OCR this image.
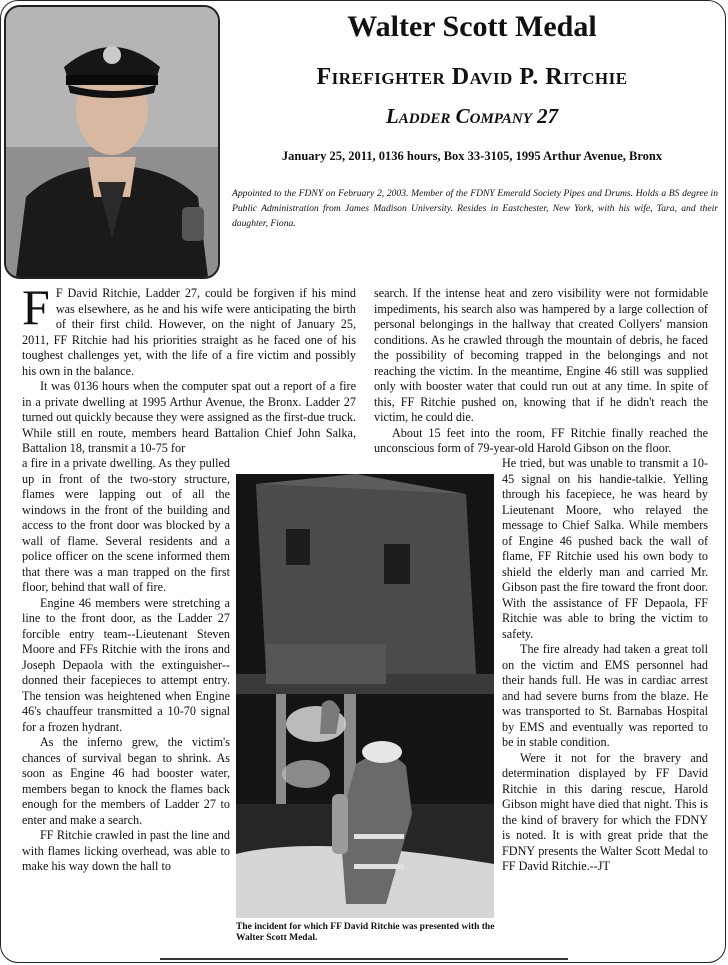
Walter Scott Medal
Firefighter David P. Ritchie
Ladder Company 27
January 25, 2011, 0136 hours, Box 33-3105, 1995 Arthur Avenue, Bronx

Appointed to the FDNY on February 2, 2003. Member of the FDNY Emerald Society Pipes and Drums. Holds a BS degree in Public Administration from James Madison University. Resides in Eastchester, New York, with his wife, Tara, and their daughter, Fiona.

F F David Ritchie, Ladder 27, could be forgiven if his mind was elsewhere, as he and his wife were anticipating the birth of their first child. However, on the night of January 25, 2011, FF Ritchie had his priorities straight as he faced one of his toughest challenges yet, with the life of a fire victim and possibly his own in the balance.

It was 0136 hours when the computer spat out a report of a fire in a private dwelling at 1995 Arthur Avenue, the Bronx. Ladder 27 turned out quickly because they were assigned as the first-due truck. While still en route, members heard Battalion Chief John Salka, Battalion 18, transmit a 10-75 for

a fire in a private dwelling. As they pulled up in front of the two-story structure, flames were lapping out of all the windows in the front of the building and access to the front door was blocked by a wall of flame. Several residents and a police officer on the scene informed them that there was a man trapped on the first floor, behind that wall of fire.

Engine 46 members were stretching a line to the front door, as the Ladder 27 forcible entry team--Lieutenant Steven Moore and FFs Ritchie with the irons and Joseph Depaola with the extinguisher--donned their facepieces to attempt entry. The tension was heightened when Engine 46's chauffeur transmitted a 10-70 signal for a frozen hydrant.

As the inferno grew, the victim's chances of survival began to shrink. As soon as Engine 46 had booster water, members began to knock the flames back enough for the members of Ladder 27 to enter and make a search.

FF Ritchie crawled in past the line and with flames licking overhead, was able to make his way down the hall to

search. If the intense heat and zero visibility were not formidable impediments, his search also was hampered by a large collection of personal belongings in the hallway that created Collyers' mansion conditions. As he crawled through the mountain of debris, he faced the possibility of becoming trapped in the belongings and not reaching the victim. In the meantime, Engine 46 still was supplied only with booster water that could run out at any time. In spite of this, FF Ritchie pushed on, knowing that if he didn't reach the victim, he could die.

About 15 feet into the room, FF Ritchie finally reached the unconscious form of 79-year-old Harold Gibson on the floor.

He tried, but was unable to transmit a 10-45 signal on his handie-talkie. Yelling through his facepiece, he was heard by Lieutenant Moore, who relayed the message to Chief Salka. While members of Engine 46 pushed back the wall of flame, FF Ritchie used his own body to shield the elderly man and carried Mr. Gibson past the fire toward the front door. With the assistance of FF Depaola, FF Ritchie was able to bring the victim to safety.

The fire already had taken a great toll on the victim and EMS personnel had their hands full. He was in cardiac arrest and had severe burns from the blaze. He was transported to St. Barnabas Hospital by EMS and eventually was reported to be in stable condition.

Were it not for the bravery and determination displayed by FF David Ritchie in this daring rescue, Harold Gibson might have died that night. This is the kind of bravery for which the FDNY is noted. It is with great pride that the FDNY presents the Walter Scott Medal to FF David Ritchie.--JT

The incident for which FF David Ritchie was presented with the Walter Scott Medal.
